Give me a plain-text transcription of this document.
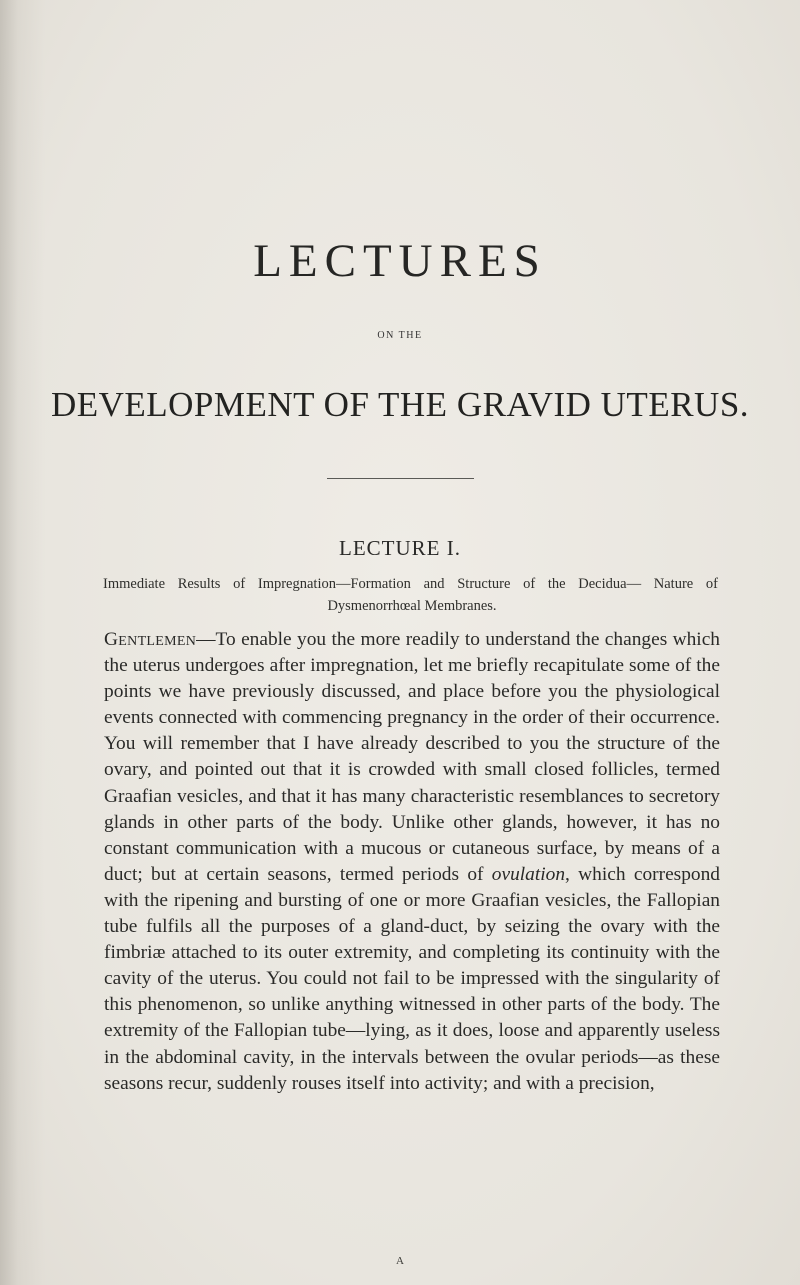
LECTURES
ON THE
DEVELOPMENT OF THE GRAVID UTERUS.
LECTURE I.

Immediate Results of Impregnation—Formation and Structure of the Decidua— Nature of Dysmenorrhœal Membranes.

Gentlemen—To enable you the more readily to understand the changes which the uterus undergoes after impregnation, let me briefly recapitulate some of the points we have previously discussed, and place before you the physiological events connected with commencing pregnancy in the order of their occurrence. You will remember that I have already described to you the structure of the ovary, and pointed out that it is crowded with small closed follicles, termed Graafian vesicles, and that it has many characteristic resemblances to secretory glands in other parts of the body. Unlike other glands, however, it has no constant communication with a mucous or cutaneous surface, by means of a duct; but at certain seasons, termed periods of ovulation, which correspond with the ripening and bursting of one or more Graafian vesicles, the Fallopian tube fulfils all the purposes of a gland-duct, by seizing the ovary with the fimbriæ attached to its outer extremity, and completing its continuity with the cavity of the uterus. You could not fail to be impressed with the singularity of this phenomenon, so unlike anything witnessed in other parts of the body. The extremity of the Fallopian tube—lying, as it does, loose and apparently useless in the abdominal cavity, in the intervals between the ovular periods—as these seasons recur, suddenly rouses itself into activity; and with a precision,

A
